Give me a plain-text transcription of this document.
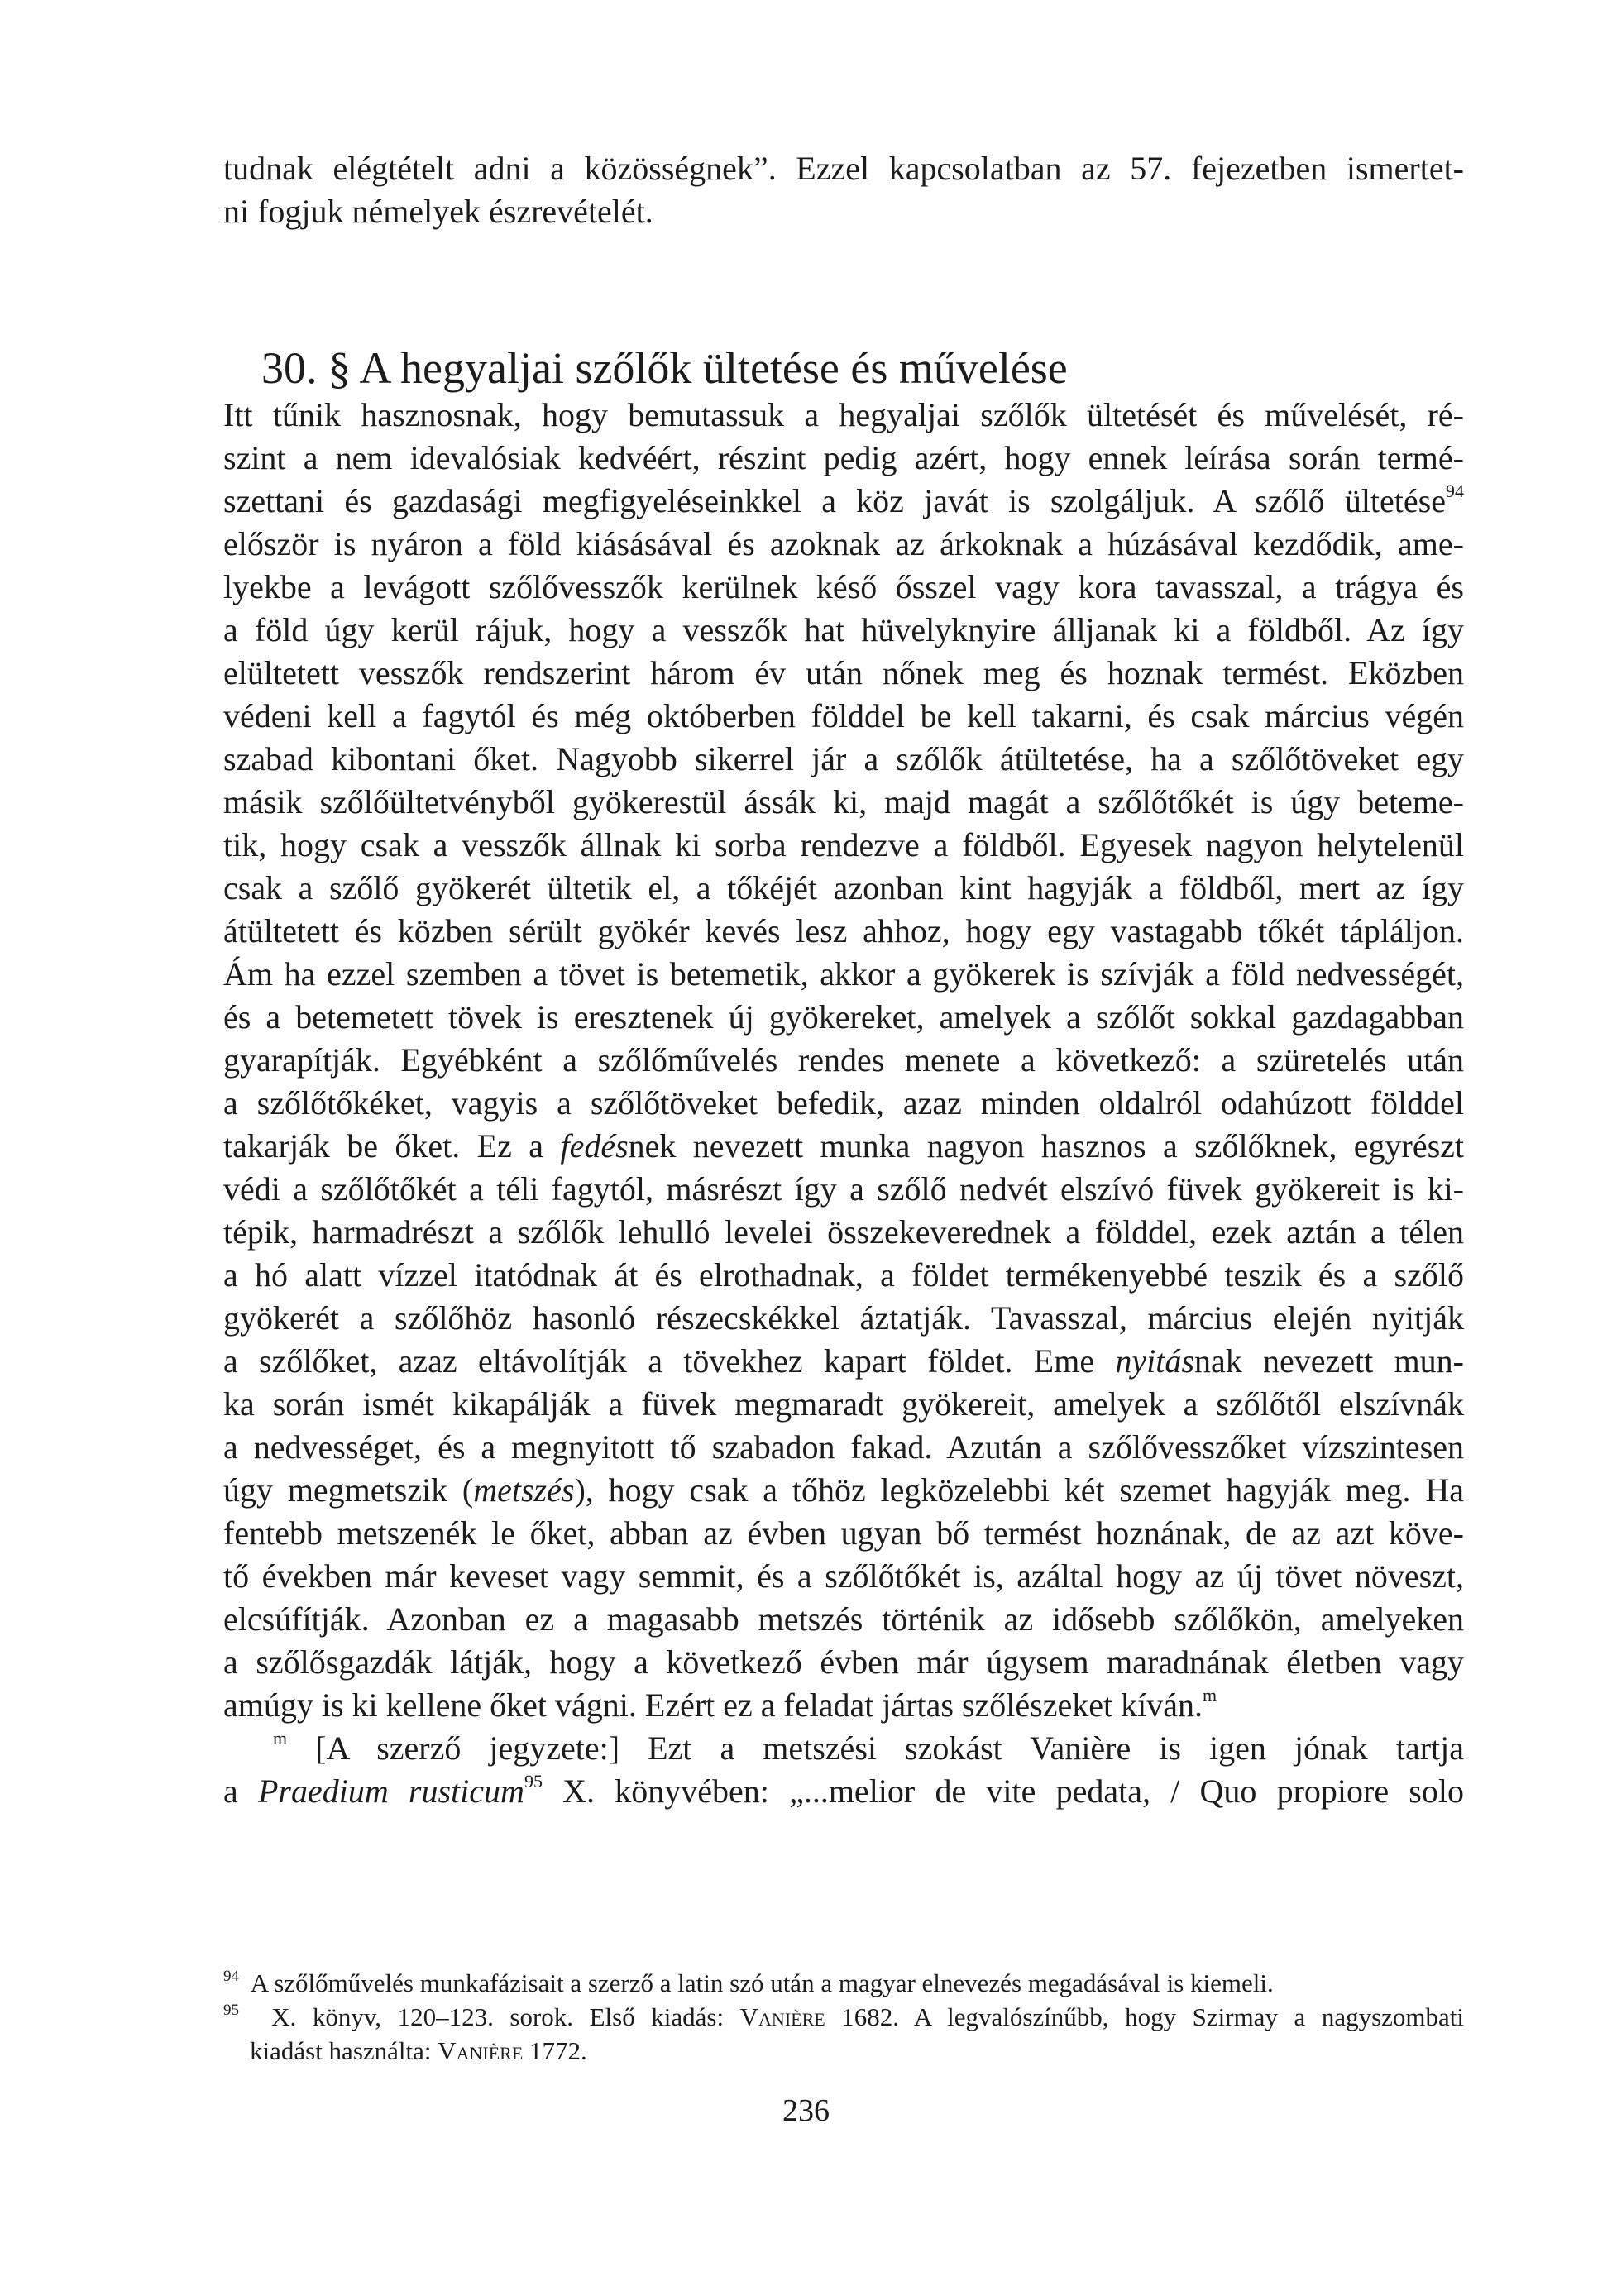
tudnak elégtételt adni a közösségnek”. Ezzel kapcsolatban az 57. fejezetben ismertet-
ni fogjuk némelyek észrevételét.
30. § A hegyaljai szőlők ültetése és művelése
Itt tűnik hasznosnak, hogy bemutassuk a hegyaljai szőlők ültetését és művelését, ré-
szint a nem idevalósiak kedvéért, részint pedig azért, hogy ennek leírása során termé-
szettani és gazdasági megfigyeléseinkkel a köz javát is szolgáljuk. A szőlő ültetése$^{94}$
először is nyáron a föld kiásásával és azoknak az árkoknak a húzásával kezdődik, ame-
lyekbe a levágott szőlővesszők kerülnek késő ősszel vagy kora tavasszal, a trágya és
a föld úgy kerül rájuk, hogy a vesszők hat hüvelyknyire álljanak ki a földből. Az így
elültetett vesszők rendszerint három év után nőnek meg és hoznak termést. Eközben
védeni kell a fagytól és még októberben földdel be kell takarni, és csak március végén
szabad kibontani őket. Nagyobb sikerrel jár a szőlők átültetése, ha a szőlőtöveket egy
másik szőlőültetvényből gyökerestül ássák ki, majd magát a szőlőtőkét is úgy beteme-
tik, hogy csak a vesszők állnak ki sorba rendezve a földből. Egyesek nagyon helytelenül
csak a szőlő gyökerét ültetik el, a tőkéjét azonban kint hagyják a földből, mert az így
átültetett és közben sérült gyökér kevés lesz ahhoz, hogy egy vastagabb tőkét tápláljon.
Ám ha ezzel szemben a tövet is betemetik, akkor a gyökerek is szívják a föld nedvességét,
és a betemetett tövek is eresztenek új gyökereket, amelyek a szőlőt sokkal gazdagabban
gyarapítják. Egyébként a szőlőművelés rendes menete a következő: a szüretelés után
a szőlőtőkéket, vagyis a szőlőtöveket befedik, azaz minden oldalról odahúzott földdel
takarják be őket. Ez a fedésnek nevezett munka nagyon hasznos a szőlőknek, egyrészt
védi a szőlőtőkét a téli fagytól, másrészt így a szőlő nedvét elszívó füvek gyökereit is ki-
tépik, harmadrészt a szőlők lehulló levelei összekeverednek a földdel, ezek aztán a télen
a hó alatt vízzel itatódnak át és elrothadnak, a földet termékenyebbé teszik és a szőlő
gyökerét a szőlőhöz hasonló részecskékkel áztatják. Tavasszal, március elején nyitják
a szőlőket, azaz eltávolítják a tövekhez kapart földet. Eme nyitásnak nevezett mun-
ka során ismét kikapálják a füvek megmaradt gyökereit, amelyek a szőlőtől elszívnák
a nedvességet, és a megnyitott tő szabadon fakad. Azután a szőlővesszőket vízszintesen
úgy megmetszik (metszés), hogy csak a tőhöz legközelebbi két szemet hagyják meg. Ha
fentebb metszenék le őket, abban az évben ugyan bő termést hoznának, de az azt köve-
tő években már keveset vagy semmit, és a szőlőtőkét is, azáltal hogy az új tövet növeszt,
elcsúfítják. Azonban ez a magasabb metszés történik az idősebb szőlőkön, amelyeken
a szőlősgazdák látják, hogy a következő évben már úgysem maradnának életben vagy
amúgy is ki kellene őket vágni. Ezért ez a feladat jártas szőlészeket kíván.$^m$
$^m$ [A szerző jegyzete:] Ezt a metszési szokást Vanière is igen jónak tartja
a Praedium rusticum$^{95}$ X. könyvében: „...melior de vite pedata, / Quo propiore solo
$^{94}$ A szőlőművelés munkafázisait a szerző a latin szó után a magyar elnevezés megadásával is kiemeli.
$^{95}$ X. könyv, 120–123. sorok. Első kiadás: Vanière 1682. A legvalószínűbb, hogy Szirmay a nagyszombati
kiadást használta: Vanière 1772.
236
